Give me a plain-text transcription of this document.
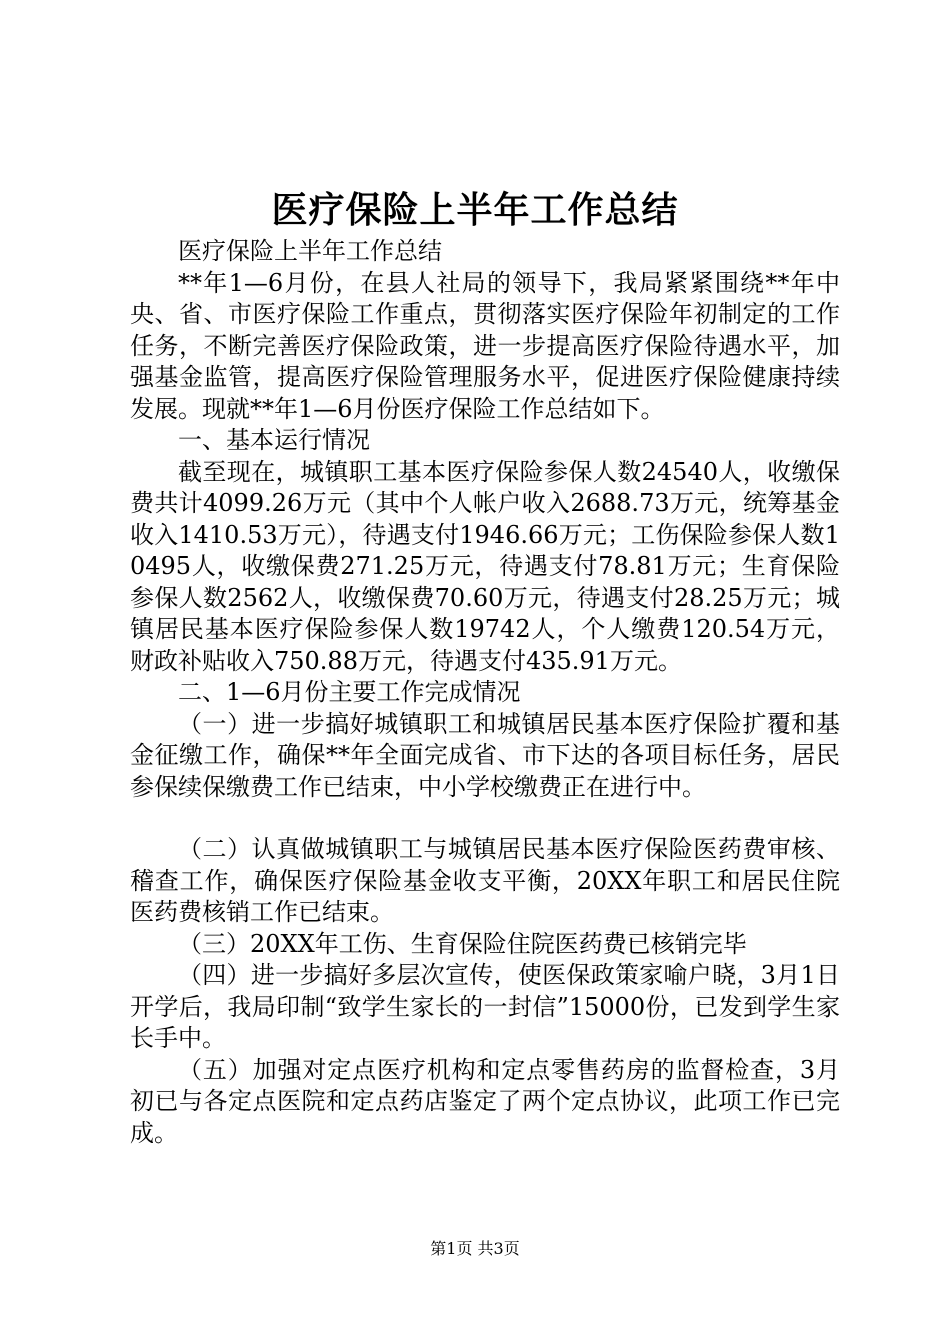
医疗保险上半年工作总结

医疗保险上半年工作总结

**年1—6月份，在县人社局的领导下，我局紧紧围绕**年中央、省、市医疗保险工作重点，贯彻落实医疗保险年初制定的工作任务，不断完善医疗保险政策，进一步提高医疗保险待遇水平，加强基金监管，提高医疗保险管理服务水平，促进医疗保险健康持续发展。现就**年1—6月份医疗保险工作总结如下。

一、基本运行情况

截至现在，城镇职工基本医疗保险参保人数24540人，收缴保费共计4099.26万元（其中个人帐户收入2688.73万元，统筹基金收入1410.53万元），待遇支付1946.66万元；工伤保险参保人数10495人，收缴保费271.25万元，待遇支付78.81万元；生育保险参保人数2562人，收缴保费70.60万元，待遇支付28.25万元；城镇居民基本医疗保险参保人数19742人，个人缴费120.54万元，财政补贴收入750.88万元，待遇支付435.91万元。

二、1—6月份主要工作完成情况

（一）进一步搞好城镇职工和城镇居民基本医疗保险扩覆和基金征缴工作，确保**年全面完成省、市下达的各项目标任务，居民参保续保缴费工作已结束，中小学校缴费正在进行中。

（二）认真做城镇职工与城镇居民基本医疗保险医药费审核、稽查工作，确保医疗保险基金收支平衡，20XX年职工和居民住院医药费核销工作已结束。

（三）20XX年工伤、生育保险住院医药费已核销完毕

（四）进一步搞好多层次宣传，使医保政策家喻户晓，3月1日开学后，我局印制“致学生家长的一封信”15000份，已发到学生家长手中。

（五）加强对定点医疗机构和定点零售药房的监督检查，3月初已与各定点医院和定点药店鉴定了两个定点协议，此项工作已完成。

第1页 共3页
